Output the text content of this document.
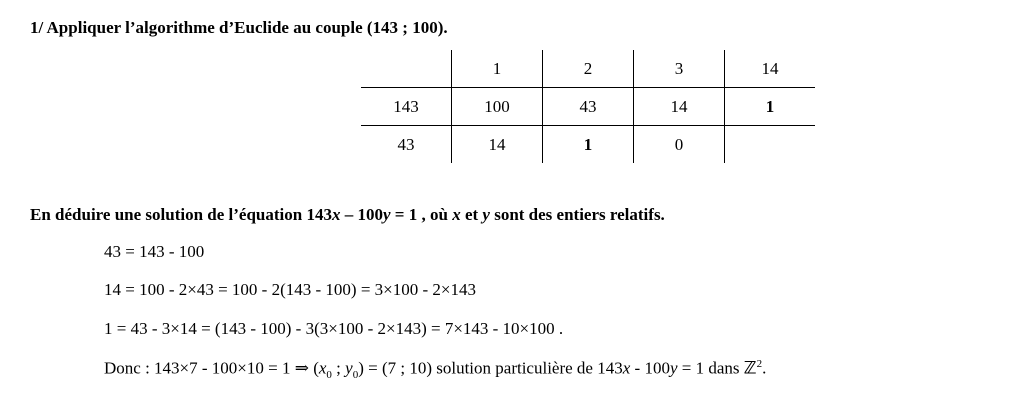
1/ Appliquer l’algorithme d’Euclide au couple (143 ; 100).
	1	2	3	14
143	100	43	14	1
43	14	1	0	
En déduire une solution de l’équation 143x – 100y = 1 , où x et y sont des entiers relatifs.
43 = 143 - 100
14 = 100 - 2×43 = 100 - 2(143 - 100) = 3×100 - 2×143
1 = 43 - 3×14 = (143 - 100) - 3(3×100 - 2×143) = 7×143 - 10×100 .
Donc : 143×7 - 100×10 = 1 ⇒ ($x_0$ ; $y_0) = (7$ ; 10) solution particulière de 143x - 100y = 1 dans ℤ$^2$.
